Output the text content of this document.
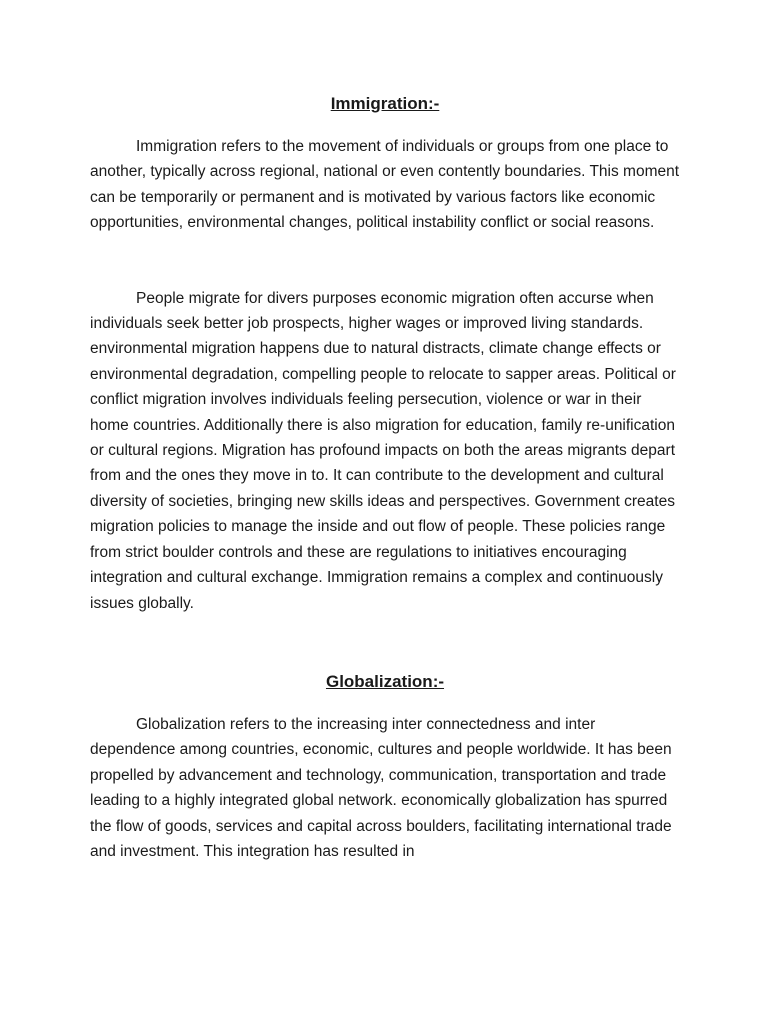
Immigration:-

Immigration refers to the movement of individuals or groups from one place to another, typically across regional, national or even contently boundaries. This moment can be temporarily or permanent and is motivated by various factors like economic opportunities, environmental changes, political instability conflict or social reasons.

People migrate for divers purposes economic migration often accurse when individuals seek better job prospects, higher wages or improved living standards. environmental migration happens due to natural distracts, climate change effects or environmental degradation, compelling people to relocate to sapper areas. Political or conflict migration involves individuals feeling persecution, violence or war in their home countries. Additionally there is also migration for education, family re-unification or cultural regions. Migration has profound impacts on both the areas migrants depart from and the ones they move in to. It can contribute to the development and cultural diversity of societies, bringing new skills ideas and perspectives. Government creates migration policies to manage the inside and out flow of people. These policies range from strict boulder controls and these are regulations to initiatives encouraging integration and cultural exchange. Immigration remains a complex and continuously issues globally.

Globalization:-

Globalization refers to the increasing inter connectedness and inter dependence among countries, economic, cultures and people worldwide. It has been propelled by advancement and technology, communication, transportation and trade leading to a highly integrated global network. economically globalization has spurred the flow of goods, services and capital across boulders, facilitating international trade and investment. This integration has resulted in
